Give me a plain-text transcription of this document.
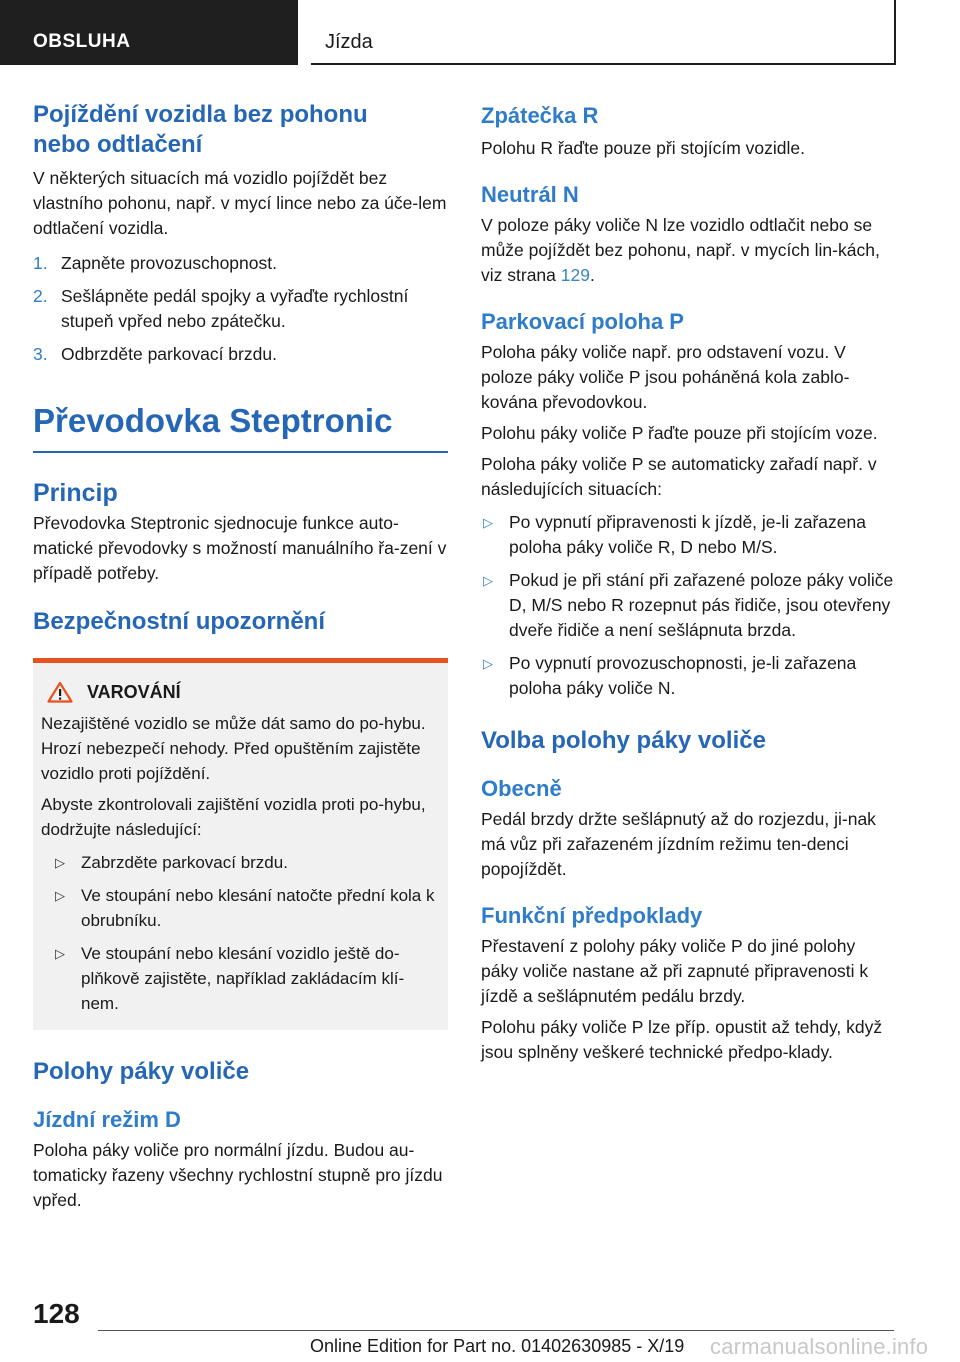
OBSLUHA	Jízda
Pojíždění vozidla bez pohonu nebo odtlačení

V některých situacích má vozidlo pojíždět bez vlastního pohonu, např. v mycí lince nebo za úče-lem odtlačení vozidla.

1. Zapněte provozuschopnost.
2. Sešlápněte pedál spojky a vyřaďte rychlostní stupeň vpřed nebo zpátečku.
3. Odbrzděte parkovací brzdu.
Převodovka Steptronic
Princip

Převodovka Steptronic sjednocuje funkce auto-matické převodovky s možností manuálního řa-zení v případě potřeby.

Bezpečnostní upozornění
VAROVÁNÍ

Nezajištěné vozidlo se může dát samo do po-hybu. Hrozí nebezpečí nehody. Před opuštěním zajistěte vozidlo proti pojíždění.

Abyste zkontrolovali zajištění vozidla proti po-hybu, dodržujte následující:

▷ Zabrzděte parkovací brzdu.
▷ Ve stoupání nebo klesání natočte přední kola k obrubníku.
▷ Ve stoupání nebo klesání vozidlo ještě do-plňkově zajistěte, například zakládacím klí-nem.
Polohy páky voliče
Jízdní režim D

Poloha páky voliče pro normální jízdu. Budou au-tomaticky řazeny všechny rychlostní stupně pro jízdu vpřed.

Zpátečka R

Polohu R řaďte pouze při stojícím vozidle.

Neutrál N

V poloze páky voliče N lze vozidlo odtlačit nebo se může pojíždět bez pohonu, např. v mycích lin-kách, viz strana 129.

Parkovací poloha P

Poloha páky voliče např. pro odstavení vozu. V poloze páky voliče P jsou poháněná kola zablo-kována převodovkou.

Polohu páky voliče P řaďte pouze při stojícím voze.

Poloha páky voliče P se automaticky zařadí např. v následujících situacích:

▷ Po vypnutí připravenosti k jízdě, je-li zařazena poloha páky voliče R, D nebo M/S.
▷ Pokud je při stání při zařazené poloze páky voliče D, M/S nebo R rozepnut pás řidiče, jsou otevřeny dveře řidiče a není sešlápnuta brzda.
▷ Po vypnutí provozuschopnosti, je-li zařazena poloha páky voliče N.
Volba polohy páky voliče
Obecně

Pedál brzdy držte sešlápnutý až do rozjezdu, ji-nak má vůz při zařazeném jízdním režimu ten-denci popojíždět.

Funkční předpoklady

Přestavení z polohy páky voliče P do jiné polohy páky voliče nastane až při zapnuté připravenosti k jízdě a sešlápnutém pedálu brzdy.

Polohu páky voliče P lze příp. opustit až tehdy, když jsou splněny veškeré technické předpo-klady.

128
Online Edition for Part no. 01402630985 - X/19 carmanualsonline.info
